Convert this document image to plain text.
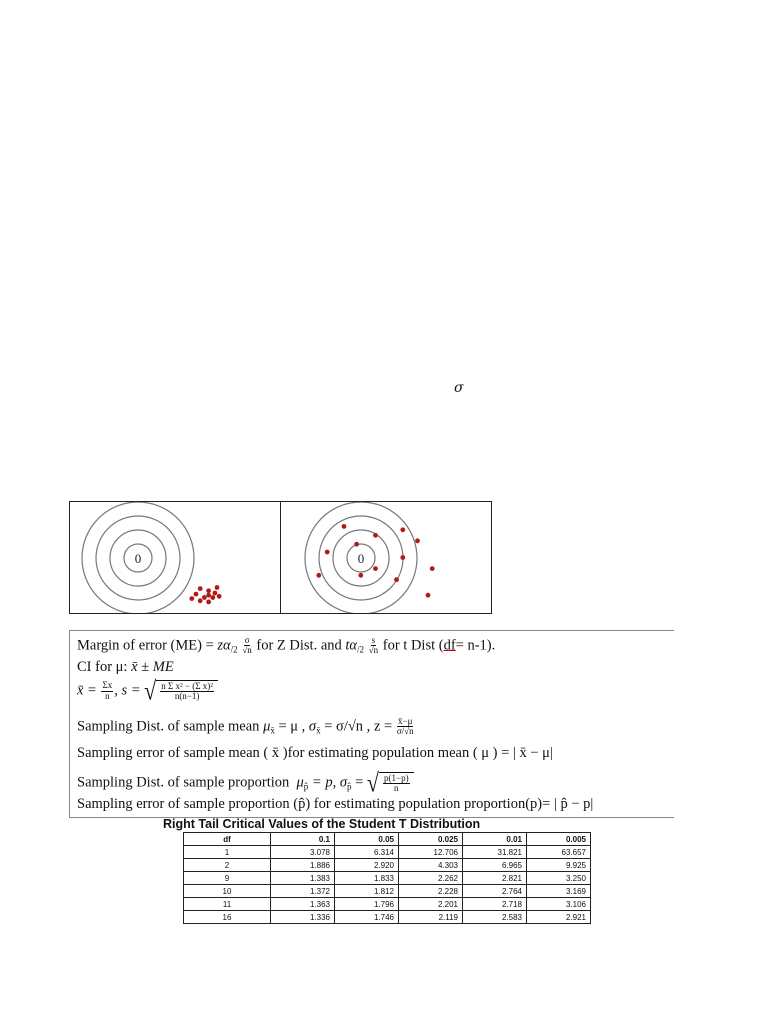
σ
0	0
Margin of error $(ME) = z\alpha_{/2} \frac{\sigma}{√n}$ for Z Dist. and $t\alpha_{/2} \frac{s}{√n}$ for t Dist (df= n-1).
CI for μ: x̄ ± ME
x̄ = $\frac{\Sigma x}{n}$ , s = √ $\frac{\text{n Σ x² − (Σ x)²}}{n(n-1)}$
Sampling Dist. of sample mean $\mu_{x̄} = \mu$ , $\sigma_{x̄} = \sigma/√n$ , $z = \frac{x̄-\mu}{\sigma/√n}$
Sampling error of sample mean ( x̄ )for estimating population mean ( μ ) = | x̄ − μ|
Sampling Dist. of sample proportion $\mu_{p̂} = p$, $\sigma_{p̂}$ = √ $\frac{p(1-p)}{n}$
Sampling error of sample proportion (p̂) for estimating population proportion(p)= | p̂ − p|
Right Tail Critical Values of the Student T Distribution
df	0.1	0.05	0.025	0.01	0.005
1	3.078	6.314	12.706	31.821	63.657
2	1.886	2.920	4.303	6.965	9.925
9	1.383	1.833	2.262	2.821	3.250
10	1.372	1.812	2.228	2.764	3.169
11	1.363	1.796	2.201	2.718	3.106
16	1.336	1.746	2.119	2.583	2.921
